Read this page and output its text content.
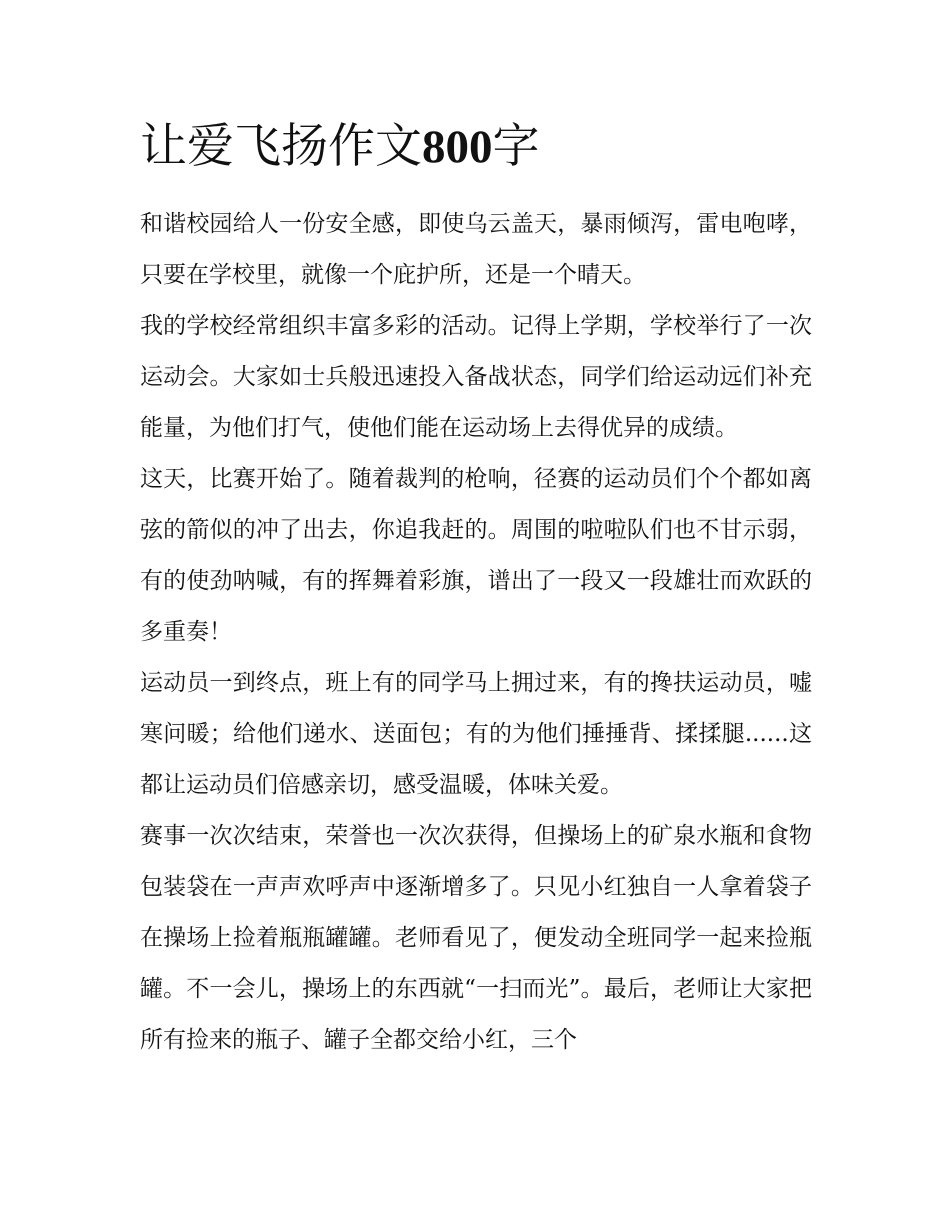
让爱飞扬作文800字

和谐校园给人一份安全感，即使乌云盖天，暴雨倾泻，雷电咆哮，只要在学校里，就像一个庇护所，还是一个晴天。

我的学校经常组织丰富多彩的活动。记得上学期，学校举行了一次运动会。大家如士兵般迅速投入备战状态，同学们给运动远们补充能量，为他们打气，使他们能在运动场上去得优异的成绩。

这天，比赛开始了。随着裁判的枪响，径赛的运动员们个个都如离弦的箭似的冲了出去，你追我赶的。周围的啦啦队们也不甘示弱，有的使劲呐喊，有的挥舞着彩旗，谱出了一段又一段雄壮而欢跃的多重奏！

运动员一到终点，班上有的同学马上拥过来，有的搀扶运动员，嘘寒问暖；给他们递水、送面包；有的为他们捶捶背、揉揉腿......这都让运动员们倍感亲切，感受温暖，体味关爱。

赛事一次次结束，荣誉也一次次获得，但操场上的矿泉水瓶和食物包装袋在一声声欢呼声中逐渐增多了。只见小红独自一人拿着袋子在操场上捡着瓶瓶罐罐。老师看见了，便发动全班同学一起来捡瓶罐。不一会儿，操场上的东西就“一扫而光”。最后，老师让大家把所有捡来的瓶子、罐子全都交给小红，三个
